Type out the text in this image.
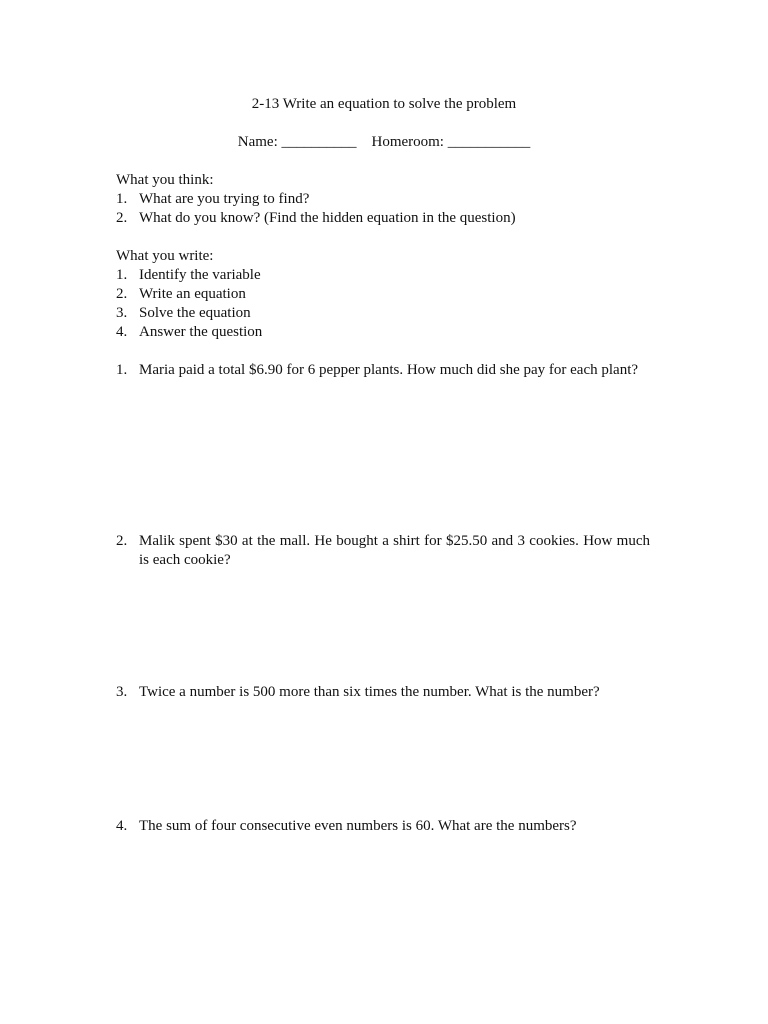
2-13 Write an equation to solve the problem
Name: __________ Homeroom: ___________
What you think:
1. What are you trying to find?
2. What do you know? (Find the hidden equation in the question)
What you write:
1. Identify the variable
2. Write an equation
3. Solve the equation
4. Answer the question
1. Maria paid a total $6.90 for 6 pepper plants. How much did she pay for each plant?
2. Malik spent $30 at the mall. He bought a shirt for $25.50 and 3 cookies. How much is each cookie?
3. Twice a number is 500 more than six times the number. What is the number?
4. The sum of four consecutive even numbers is 60. What are the numbers?
